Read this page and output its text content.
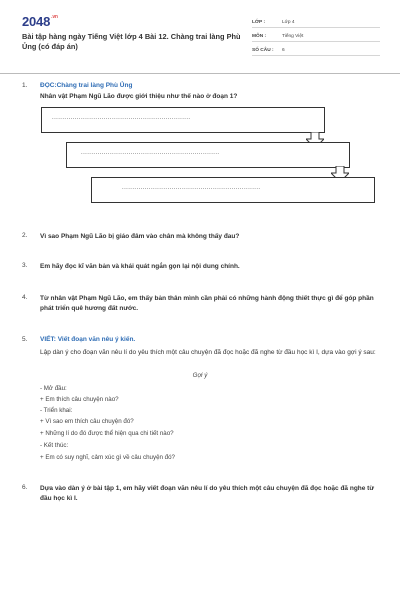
$2048^{.vn}$
Bài tập hàng ngày Tiếng Việt lớp 4 Bài 12. Chàng trai làng Phù Ủng (có đáp án)
LỚP :	Lớp 4
MÔN :	Tiếng Việt
SỐ CÂU :	6
1. ĐỌC:Chàng trai làng Phù Ủng
Nhân vật Phạm Ngũ Lão được giới thiệu như thế nào ở đoạn 1?
...................................................................
...................................................................
...................................................................
2. Vì sao Phạm Ngũ Lão bị giáo đâm vào chân mà không thấy đau?
3. Em hãy đọc kĩ văn bản và khái quát ngắn gọn lại nội dung chính.
4. Từ nhân vật Phạm Ngũ Lão, em thấy bản thân mình cần phải có những hành động thiết thực gì để góp phần phát triển quê hương đất nước.
5. VIẾT: Viết đoạn văn nêu ý kiến.
Lập dàn ý cho đoạn văn nêu lí do yêu thích một câu chuyện đã đọc hoặc đã nghe từ đầu học kì I, dựa vào gợi ý sau:
Gợi ý
- Mở đầu:
+ Em thích câu chuyện nào?
- Triển khai:
+ Vì sao em thích câu chuyện đó?
+ Những lí do đó được thể hiện qua chi tiết nào?
- Kết thúc:
+ Em có suy nghĩ, cảm xúc gì về câu chuyện đó?
6. Dựa vào dàn ý ở bài tập 1, em hãy viết đoạn văn nêu lí do yêu thích một câu chuyện đã đọc hoặc đã nghe từ đầu học kì I.
